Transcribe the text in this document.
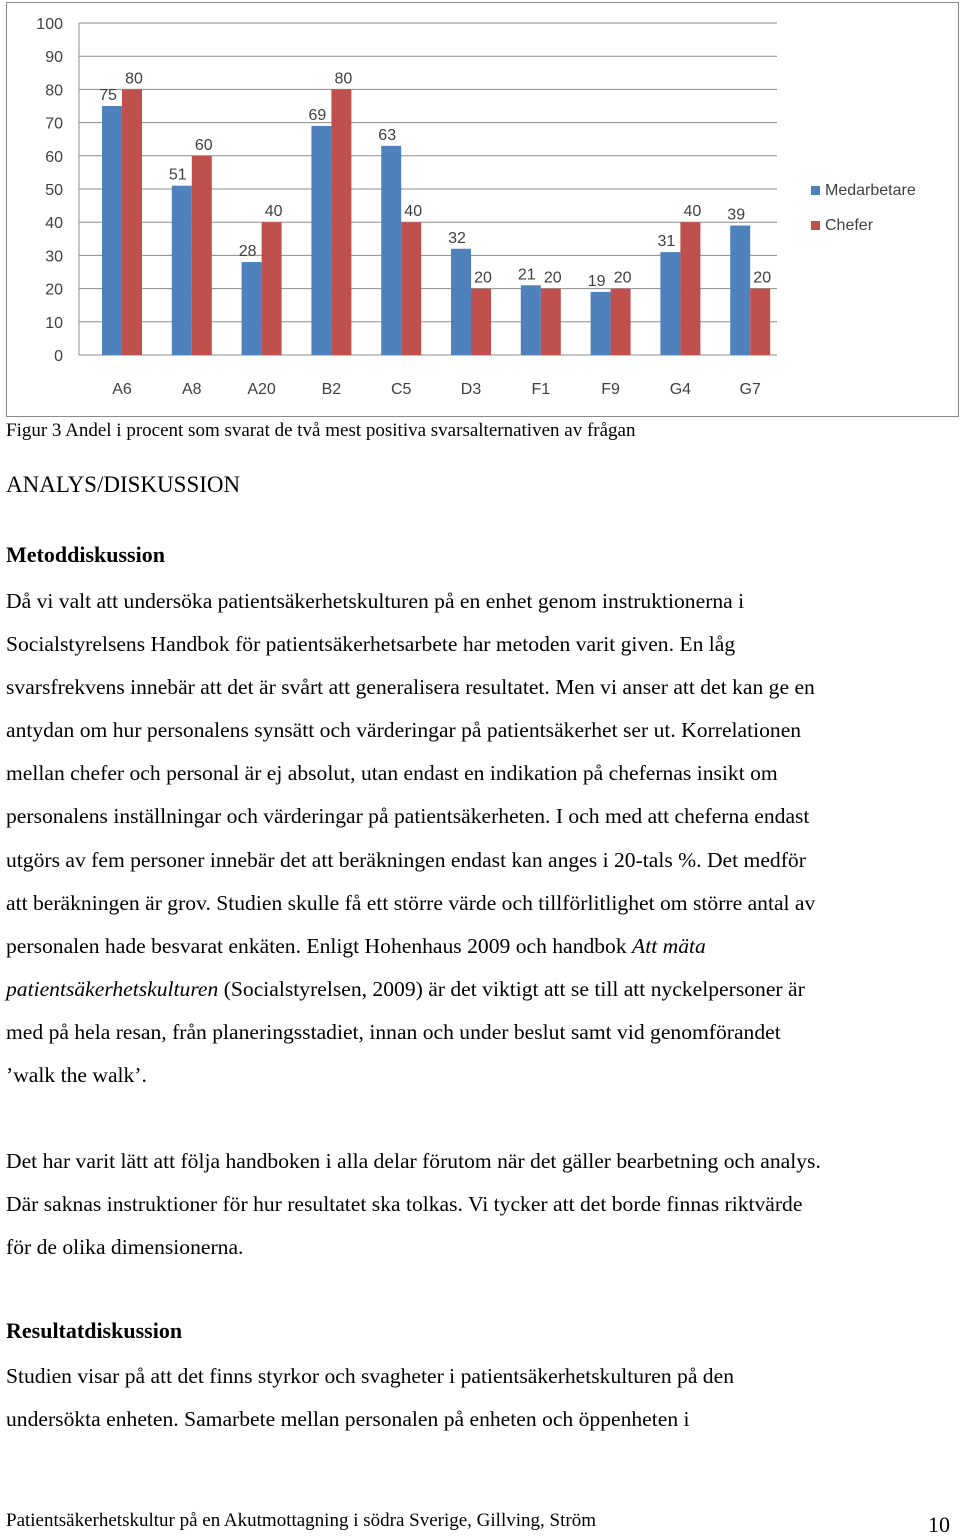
0
10
20
30
40
50
60
70
80
90
100
75
80
51
60
28
40
69
80
63
40
32
20 21 20 19 20
31
40 39
20
A6	A8	A20	B2	C5	D3	F1	F9	G4	G7
Medarbetare
Chefer
Figur 3 Andel i procent som svarat de två mest positiva svarsalternativen av frågan
ANALYS/DISKUSSION
Metoddiskussion
Då vi valt att undersöka patientsäkerhetskulturen på en enhet genom instruktionerna i
Socialstyrelsens Handbok för patientsäkerhetsarbete har metoden varit given. En låg
svarsfrekvens innebär att det är svårt att generalisera resultatet. Men vi anser att det kan ge en
antydan om hur personalens synsätt och värderingar på patientsäkerhet ser ut. Korrelationen
mellan chefer och personal är ej absolut, utan endast en indikation på chefernas insikt om
personalens inställningar och värderingar på patientsäkerheten. I och med att cheferna endast
utgörs av fem personer innebär det att beräkningen endast kan anges i 20-tals %. Det medför
att beräkningen är grov. Studien skulle få ett större värde och tillförlitlighet om större antal av
personalen hade besvarat enkäten. Enligt Hohenhaus 2009 och handbok Att mäta
patientsäkerhetskulturen (Socialstyrelsen, 2009) är det viktigt att se till att nyckelpersoner är
med på hela resan, från planeringsstadiet, innan och under beslut samt vid genomförandet
’walk the walk’.
Det har varit lätt att följa handboken i alla delar förutom när det gäller bearbetning och analys.
Där saknas instruktioner för hur resultatet ska tolkas. Vi tycker att det borde finnas riktvärde
för de olika dimensionerna.
Resultatdiskussion
Studien visar på att det finns styrkor och svagheter i patientsäkerhetskulturen på den
undersökta enheten. Samarbete mellan personalen på enheten och öppenheten i
Patientsäkerhetskultur på en Akutmottagning i södra Sverige, Gillving, Ström	10
